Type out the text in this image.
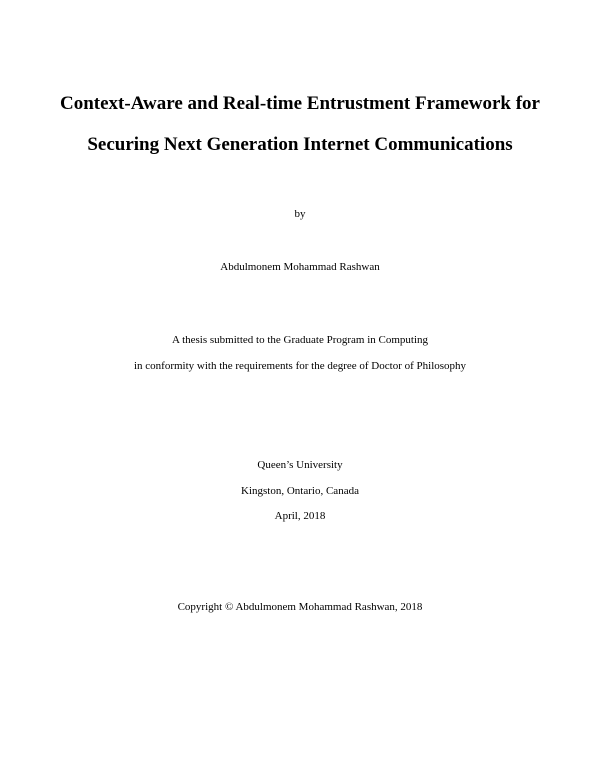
Context-Aware and Real-time Entrustment Framework for
Securing Next Generation Internet Communications
by
Abdulmonem Mohammad Rashwan
A thesis submitted to the Graduate Program in Computing
in conformity with the requirements for the degree of Doctor of Philosophy
Queen’s University
Kingston, Ontario, Canada
April, 2018
Copyright © Abdulmonem Mohammad Rashwan, 2018
